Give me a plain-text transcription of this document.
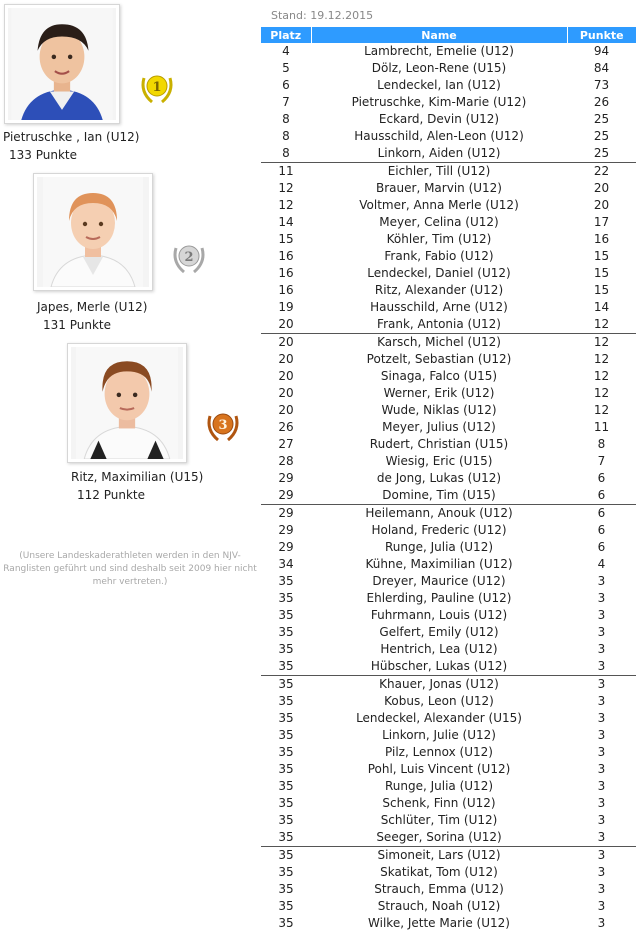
1
Pietruschke , Ian (U12)
133 Punkte
2
Japes, Merle (U12)
131 Punkte
3
Ritz, Maximilian (U15)
112 Punkte
(Unsere Landeskaderathleten werden in den NJV-Ranglisten geführt und sind deshalb seit 2009 hier nicht mehr vertreten.)
Stand: 19.12.2015
Platz	Name	Punkte
4	Lambrecht, Emelie (U12)	94
5	Dölz, Leon-Rene (U15)	84
6	Lendeckel, Ian (U12)	73
7	Pietruschke, Kim-Marie (U12)	26
8	Eckard, Devin (U12)	25
8	Hausschild, Alen-Leon (U12)	25
8	Linkorn, Aiden (U12)	25
11	Eichler, Till (U12)	22
12	Brauer, Marvin (U12)	20
12	Voltmer, Anna Merle (U12)	20
14	Meyer, Celina (U12)	17
15	Köhler, Tim (U12)	16
16	Frank, Fabio (U12)	15
16	Lendeckel, Daniel (U12)	15
16	Ritz, Alexander (U12)	15
19	Hausschild, Arne (U12)	14
20	Frank, Antonia (U12)	12
20	Karsch, Michel (U12)	12
20	Potzelt, Sebastian (U12)	12
20	Sinaga, Falco (U15)	12
20	Werner, Erik (U12)	12
20	Wude, Niklas (U12)	12
26	Meyer, Julius (U12)	11
27	Rudert, Christian (U15)	8
28	Wiesig, Eric (U15)	7
29	de Jong, Lukas (U12)	6
29	Domine, Tim (U15)	6
29	Heilemann, Anouk (U12)	6
29	Holand, Frederic (U12)	6
29	Runge, Julia (U12)	6
34	Kühne, Maximilian (U12)	4
35	Dreyer, Maurice (U12)	3
35	Ehlerding, Pauline (U12)	3
35	Fuhrmann, Louis (U12)	3
35	Gelfert, Emily (U12)	3
35	Hentrich, Lea (U12)	3
35	Hübscher, Lukas (U12)	3
35	Khauer, Jonas (U12)	3
35	Kobus, Leon (U12)	3
35	Lendeckel, Alexander (U15)	3
35	Linkorn, Julie (U12)	3
35	Pilz, Lennox (U12)	3
35	Pohl, Luis Vincent (U12)	3
35	Runge, Julia (U12)	3
35	Schenk, Finn (U12)	3
35	Schlüter, Tim (U12)	3
35	Seeger, Sorina (U12)	3
35	Simoneit, Lars (U12)	3
35	Skatikat, Tom (U12)	3
35	Strauch, Emma (U12)	3
35	Strauch, Noah (U12)	3
35	Wilke, Jette Marie (U12)	3
